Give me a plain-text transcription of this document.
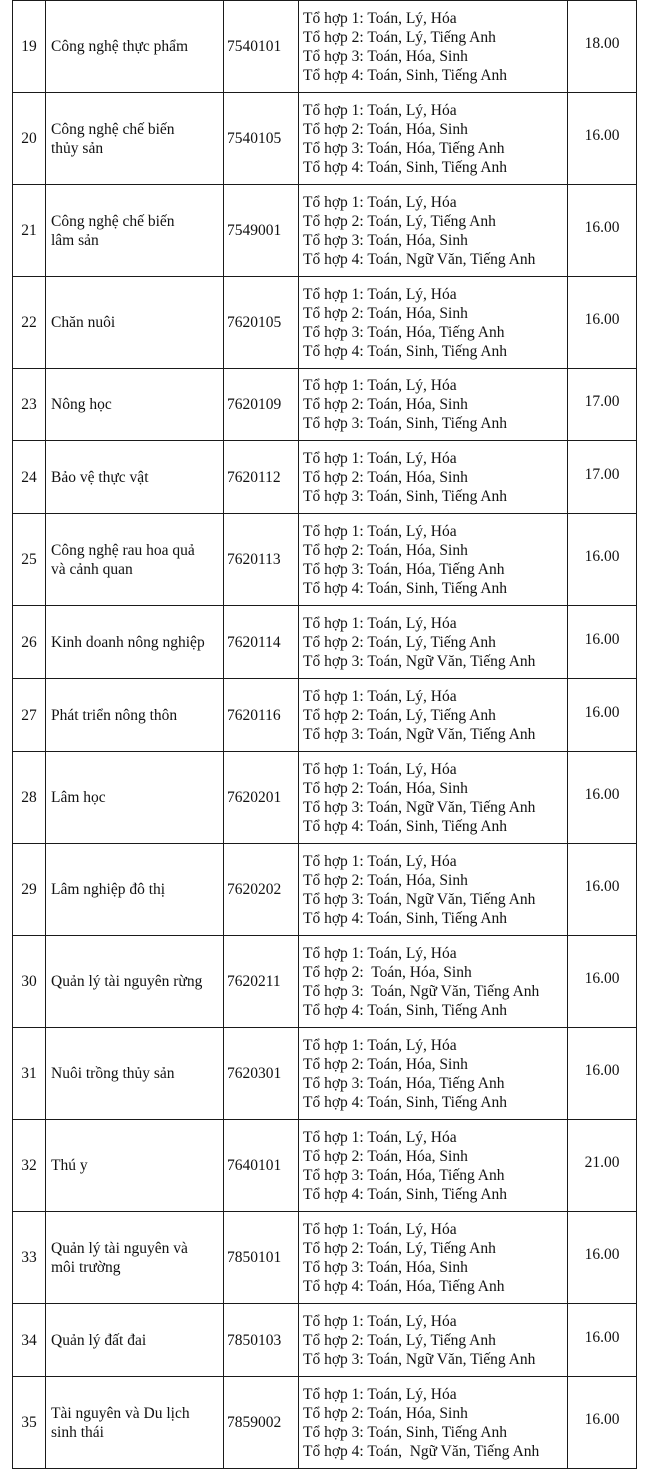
19	Công nghệ thực phẩm	7540101	Tổ hợp 1: Toán, Lý, Hóa
Tổ hợp 2: Toán, Lý, Tiếng Anh
Tổ hợp 3: Toán, Hóa, Sinh
Tổ hợp 4: Toán, Sinh, Tiếng Anh	18.00
20	Công nghệ chế biến
thủy sản	7540105	Tổ hợp 1: Toán, Lý, Hóa
Tổ hợp 2: Toán, Hóa, Sinh
Tổ hợp 3: Toán, Hóa, Tiếng Anh
Tổ hợp 4: Toán, Sinh, Tiếng Anh	16.00
21	Công nghệ chế biến
lâm sản	7549001	Tổ hợp 1: Toán, Lý, Hóa
Tổ hợp 2: Toán, Lý, Tiếng Anh
Tổ hợp 3: Toán, Hóa, Sinh
Tổ hợp 4: Toán, Ngữ Văn, Tiếng Anh	16.00
22	Chăn nuôi	7620105	Tổ hợp 1: Toán, Lý, Hóa
Tổ hợp 2: Toán, Hóa, Sinh
Tổ hợp 3: Toán, Hóa, Tiếng Anh
Tổ hợp 4: Toán, Sinh, Tiếng Anh	16.00
23	Nông học	7620109	Tổ hợp 1: Toán, Lý, Hóa
Tổ hợp 2: Toán, Hóa, Sinh
Tổ hợp 3: Toán, Sinh, Tiếng Anh	17.00
24	Bảo vệ thực vật	7620112	Tổ hợp 1: Toán, Lý, Hóa
Tổ hợp 2: Toán, Hóa, Sinh
Tổ hợp 3: Toán, Sinh, Tiếng Anh	17.00
25	Công nghệ rau hoa quả
và cảnh quan	7620113	Tổ hợp 1: Toán, Lý, Hóa
Tổ hợp 2: Toán, Hóa, Sinh
Tổ hợp 3: Toán, Hóa, Tiếng Anh
Tổ hợp 4: Toán, Sinh, Tiếng Anh	16.00
26	Kinh doanh nông nghiệp	7620114	Tổ hợp 1: Toán, Lý, Hóa
Tổ hợp 2: Toán, Lý, Tiếng Anh
Tổ hợp 3: Toán, Ngữ Văn, Tiếng Anh	16.00
27	Phát triển nông thôn	7620116	Tổ hợp 1: Toán, Lý, Hóa
Tổ hợp 2: Toán, Lý, Tiếng Anh
Tổ hợp 3: Toán, Ngữ Văn, Tiếng Anh	16.00
28	Lâm học	7620201	Tổ hợp 1: Toán, Lý, Hóa
Tổ hợp 2: Toán, Hóa, Sinh
Tổ hợp 3: Toán, Ngữ Văn, Tiếng Anh
Tổ hợp 4: Toán, Sinh, Tiếng Anh	16.00
29	Lâm nghiệp đô thị	7620202	Tổ hợp 1: Toán, Lý, Hóa
Tổ hợp 2: Toán, Hóa, Sinh
Tổ hợp 3: Toán, Ngữ Văn, Tiếng Anh
Tổ hợp 4: Toán, Sinh, Tiếng Anh	16.00
30	Quản lý tài nguyên rừng	7620211	Tổ hợp 1: Toán, Lý, Hóa
Tổ hợp 2:  Toán, Hóa, Sinh
Tổ hợp 3:  Toán, Ngữ Văn, Tiếng Anh
Tổ hợp 4: Toán, Sinh, Tiếng Anh	16.00
31	Nuôi trồng thủy sản	7620301	Tổ hợp 1: Toán, Lý, Hóa
Tổ hợp 2: Toán, Hóa, Sinh
Tổ hợp 3: Toán, Hóa, Tiếng Anh
Tổ hợp 4: Toán, Sinh, Tiếng Anh	16.00
32	Thú y	7640101	Tổ hợp 1: Toán, Lý, Hóa
Tổ hợp 2: Toán, Hóa, Sinh
Tổ hợp 3: Toán, Hóa, Tiếng Anh
Tổ hợp 4: Toán, Sinh, Tiếng Anh	21.00
33	Quản lý tài nguyên và
môi trường	7850101	Tổ hợp 1: Toán, Lý, Hóa
Tổ hợp 2: Toán, Lý, Tiếng Anh
Tổ hợp 3: Toán, Hóa, Sinh
Tổ hợp 4: Toán, Hóa, Tiếng Anh	16.00
34	Quản lý đất đai	7850103	Tổ hợp 1: Toán, Lý, Hóa
Tổ hợp 2: Toán, Lý, Tiếng Anh
Tổ hợp 3: Toán, Ngữ Văn, Tiếng Anh	16.00
35	Tài nguyên và Du lịch
sinh thái	7859002	Tổ hợp 1: Toán, Lý, Hóa
Tổ hợp 2: Toán, Hóa, Sinh
Tổ hợp 3: Toán, Sinh, Tiếng Anh
Tổ hợp 4: Toán,  Ngữ Văn, Tiếng Anh	16.00
